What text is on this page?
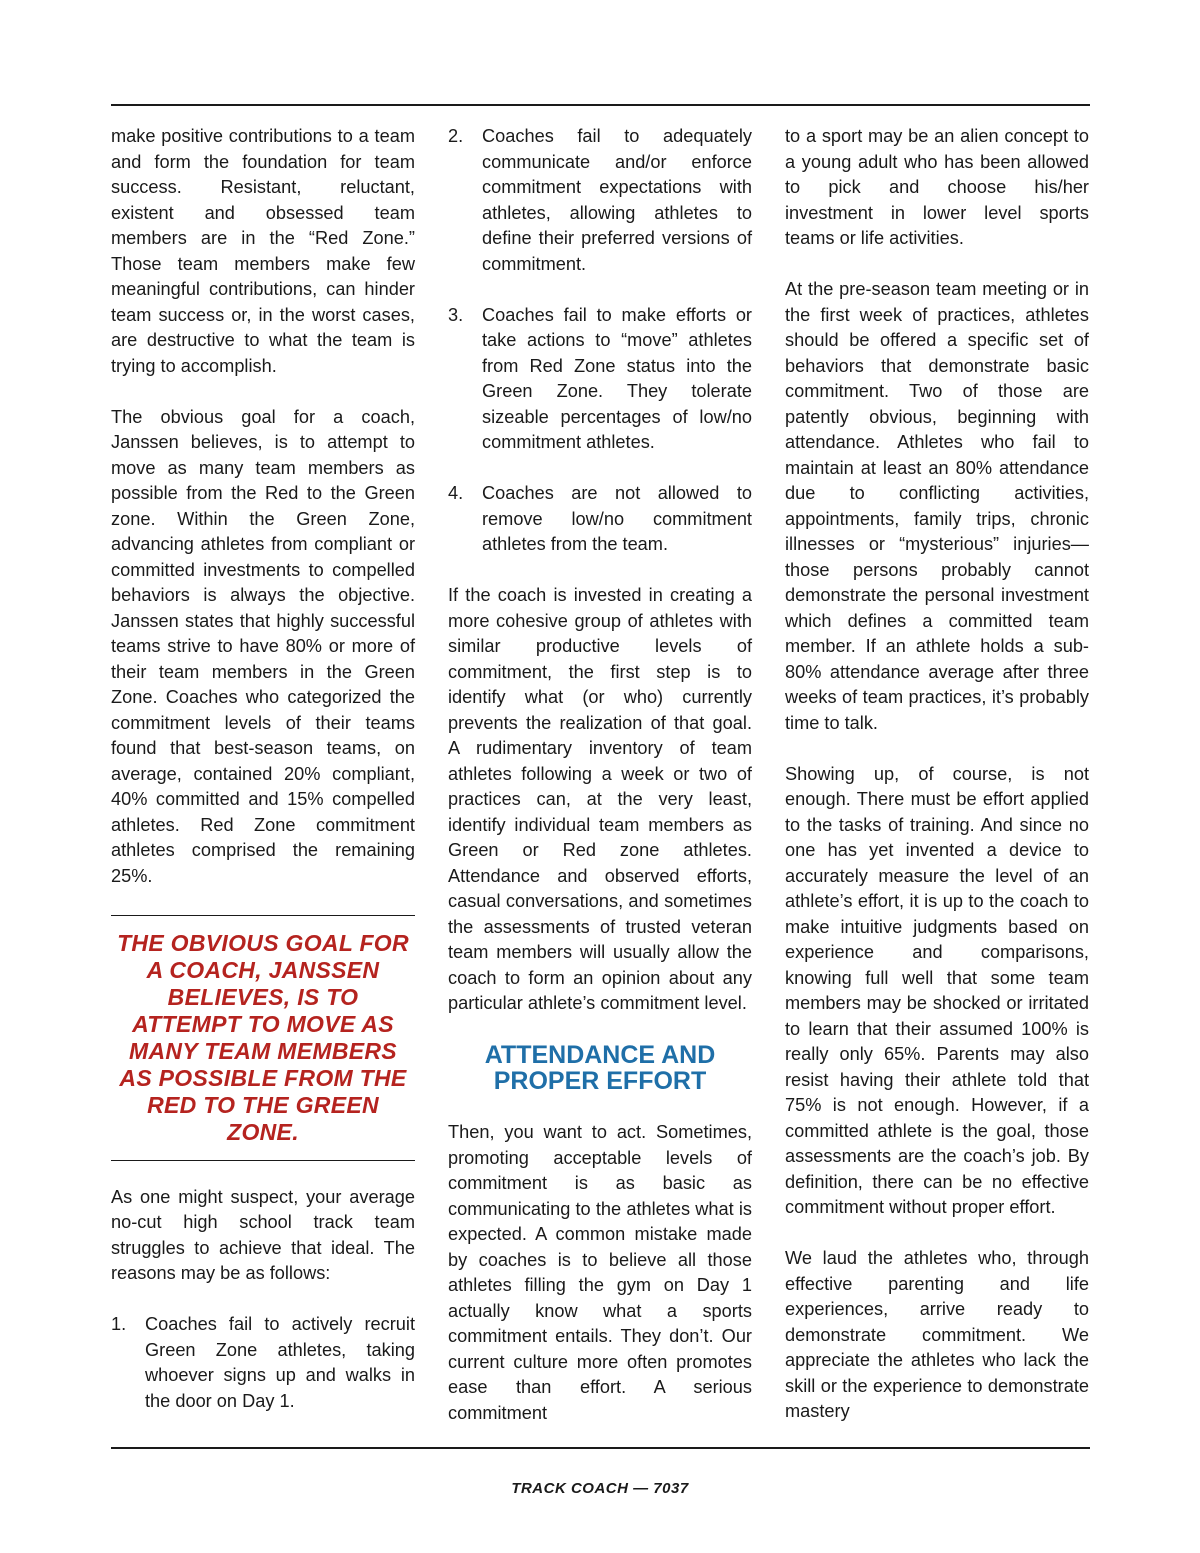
make positive contributions to a team and form the foundation for team success. Resistant, reluctant, existent and obsessed team members are in the “Red Zone.” Those team members make few meaningful contributions, can hinder team success or, in the worst cases, are destructive to what the team is trying to accomplish.

The obvious goal for a coach, Janssen believes, is to attempt to move as many team members as possible from the Red to the Green zone. Within the Green Zone, advancing athletes from compliant or committed investments to compelled behaviors is always the objective. Janssen states that highly successful teams strive to have 80% or more of their team members in the Green Zone. Coaches who categorized the commitment levels of their teams found that best-season teams, on average, contained 20% compliant, 40% committed and 15% compelled athletes. Red Zone commitment athletes comprised the remaining 25%.

THE OBVIOUS GOAL FOR A COACH, JANSSEN BELIEVES, IS TO ATTEMPT TO MOVE AS MANY TEAM MEMBERS AS POSSIBLE FROM THE RED TO THE GREEN ZONE.

As one might suspect, your average no-cut high school track team struggles to achieve that ideal. The reasons may be as follows:

1.	Coaches fail to actively recruit Green Zone athletes, taking whoever signs up and walks in the door on Day 1.
2.	Coaches fail to adequately communicate and/or enforce commitment expectations with athletes, allowing athletes to define their preferred versions of commitment.
3.	Coaches fail to make efforts or take actions to “move” athletes from Red Zone status into the Green Zone. They tolerate sizeable percentages of low/no commitment athletes.
4.	Coaches are not allowed to remove low/no commitment athletes from the team.

If the coach is invested in creating a more cohesive group of athletes with similar productive levels of commitment, the first step is to identify what (or who) currently prevents the realization of that goal. A rudimentary inventory of team athletes following a week or two of practices can, at the very least, identify individual team members as Green or Red zone athletes. Attendance and observed efforts, casual conversations, and sometimes the assessments of trusted veteran team members will usually allow the coach to form an opinion about any particular athlete’s commitment level.

ATTENDANCE AND PROPER EFFORT

Then, you want to act. Sometimes, promoting acceptable levels of commitment is as basic as communicating to the athletes what is expected. A common mistake made by coaches is to believe all those athletes filling the gym on Day 1 actually know what a sports commitment entails. They don’t. Our current culture more often promotes ease than effort. A serious commitment

to a sport may be an alien concept to a young adult who has been allowed to pick and choose his/her investment in lower level sports teams or life activities.

At the pre-season team meeting or in the first week of practices, athletes should be offered a specific set of behaviors that demonstrate basic commitment. Two of those are patently obvious, beginning with attendance. Athletes who fail to maintain at least an 80% attendance due to conflicting activities, appointments, family trips, chronic illnesses or “mysterious” injuries—those persons probably cannot demonstrate the personal investment which defines a committed team member. If an athlete holds a sub-80% attendance average after three weeks of team practices, it’s probably time to talk.

Showing up, of course, is not enough. There must be effort applied to the tasks of training. And since no one has yet invented a device to accurately measure the level of an athlete’s effort, it is up to the coach to make intuitive judgments based on experience and comparisons, knowing full well that some team members may be shocked or irritated to learn that their assumed 100% is really only 65%. Parents may also resist having their athlete told that 75% is not enough. However, if a committed athlete is the goal, those assessments are the coach’s job. By definition, there can be no effective commitment without proper effort.

We laud the athletes who, through effective parenting and life experiences, arrive ready to demonstrate commitment. We appreciate the athletes who lack the skill or the experience to demonstrate mastery

TRACK COACH — 7037
